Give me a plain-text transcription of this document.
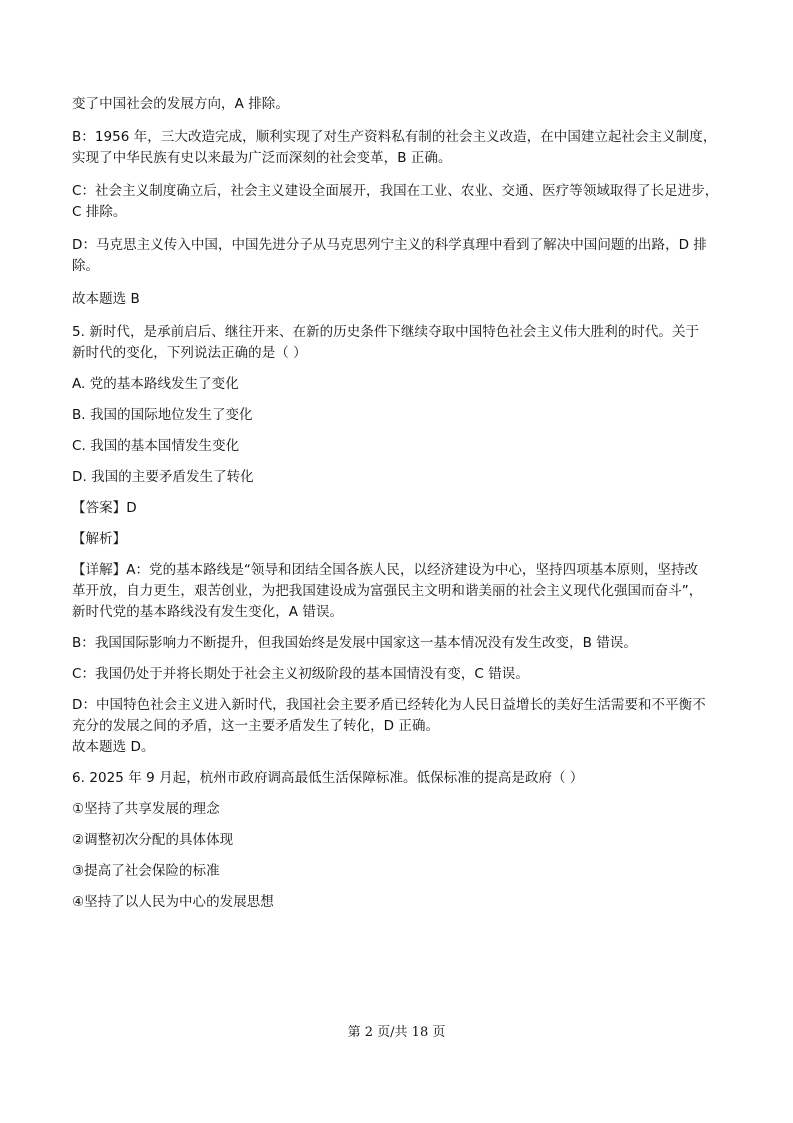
变了中国社会的发展方向，A 排除。

B：1956 年，三大改造完成，顺利实现了对生产资料私有制的社会主义改造，在中国建立起社会主义制度，

实现了中华民族有史以来最为广泛而深刻的社会变革，B 正确。

C：社会主义制度确立后，社会主义建设全面展开，我国在工业、农业、交通、医疗等领域取得了长足进步，

C 排除。

D：马克思主义传入中国，中国先进分子从马克思列宁主义的科学真理中看到了解决中国问题的出路，D 排

除。

故本题选 B

5. 新时代，是承前启后、继往开来、在新的历史条件下继续夺取中国特色社会主义伟大胜利的时代。关于

新时代的变化，下列说法正确的是（ ）

A. 党的基本路线发生了变化

B. 我国的国际地位发生了变化

C. 我国的基本国情发生变化

D. 我国的主要矛盾发生了转化

【答案】D

【解析】

【详解】A：党的基本路线是“领导和团结全国各族人民，以经济建设为中心，坚持四项基本原则，坚持改

革开放，自力更生，艰苦创业，为把我国建设成为富强民主文明和谐美丽的社会主义现代化强国而奋斗”，

新时代党的基本路线没有发生变化，A 错误。

B：我国国际影响力不断提升，但我国始终是发展中国家这一基本情况没有发生改变，B 错误。

C：我国仍处于并将长期处于社会主义初级阶段的基本国情没有变，C 错误。

D：中国特色社会主义进入新时代，我国社会主要矛盾已经转化为人民日益增长的美好生活需要和不平衡不

充分的发展之间的矛盾，这一主要矛盾发生了转化，D 正确。

故本题选 D。

6. 2025 年 9 月起，杭州市政府调高最低生活保障标准。低保标准的提高是政府（ ）

①坚持了共享发展的理念

②调整初次分配的具体体现

③提高了社会保险的标准

④坚持了以人民为中心的发展思想

第 2 页/共 18 页
